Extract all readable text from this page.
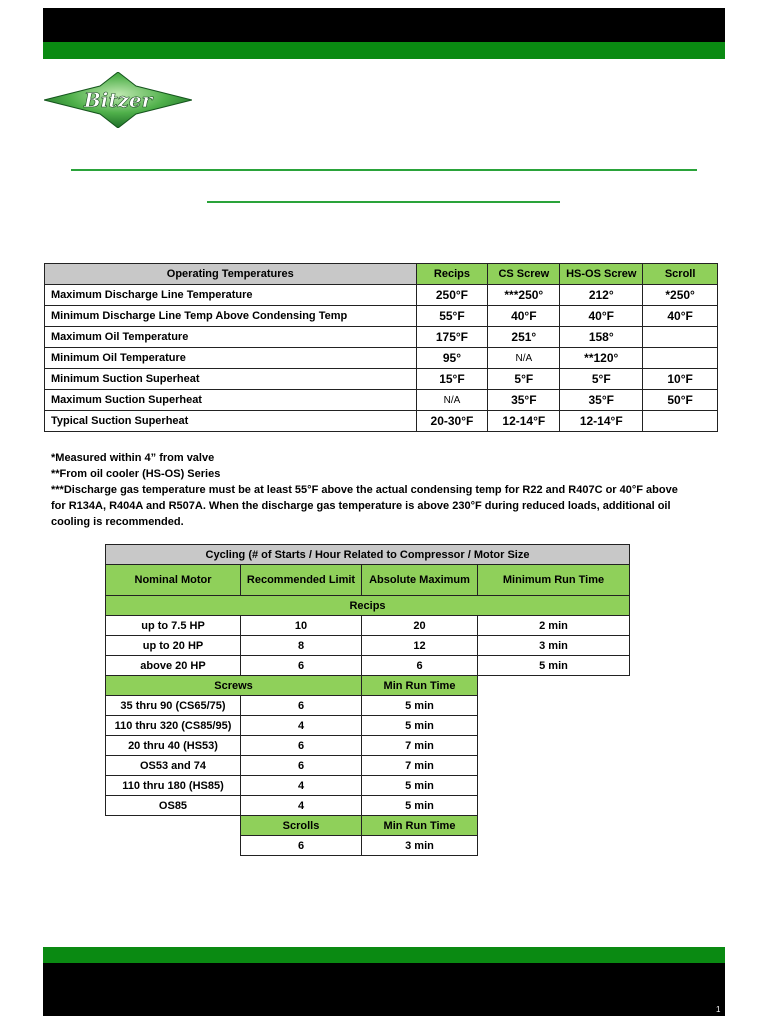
Bitzer
Operating Temperatures	Recips	CS Screw	HS-OS Screw	Scroll
Maximum Discharge Line Temperature	250°F	***250°	212°	*250°
Minimum Discharge Line Temp Above Condensing Temp	55°F	40°F	40°F	40°F
Maximum Oil Temperature	175°F	251°	158°	
Minimum Oil Temperature	95°	N/A	**120°	
Minimum Suction Superheat	15°F	5°F	5°F	10°F
Maximum Suction Superheat	N/A	35°F	35°F	50°F
Typical Suction Superheat	20-30°F	12-14°F	12-14°F	
*Measured within 4” from valve
**From oil cooler (HS-OS) Series
***Discharge gas temperature must be at least 55°F above the actual condensing temp for R22 and R407C or 40°F above for R134A, R404A and R507A. When the discharge gas temperature is above 230°F during reduced loads, additional oil cooling is recommended.
Cycling (# of Starts / Hour Related to Compressor / Motor Size			
Nominal Motor	Recommended Limit	Absolute Maximum	Minimum Run Time
Recips			
up to 7.5 HP	10	20	2 min
up to 20 HP	8	12	3 min
above 20 HP	6	6	5 min
Screws		Min Run Time	
35 thru 90 (CS65/75)	6	5 min	
110 thru 320 (CS85/95)	4	5 min	
20 thru 40 (HS53)	6	7 min	
OS53 and 74	6	7 min	
110 thru 180 (HS85)	4	5 min	
OS85	4	5 min	
	Scrolls	Min Run Time	
	6	3 min	
1
